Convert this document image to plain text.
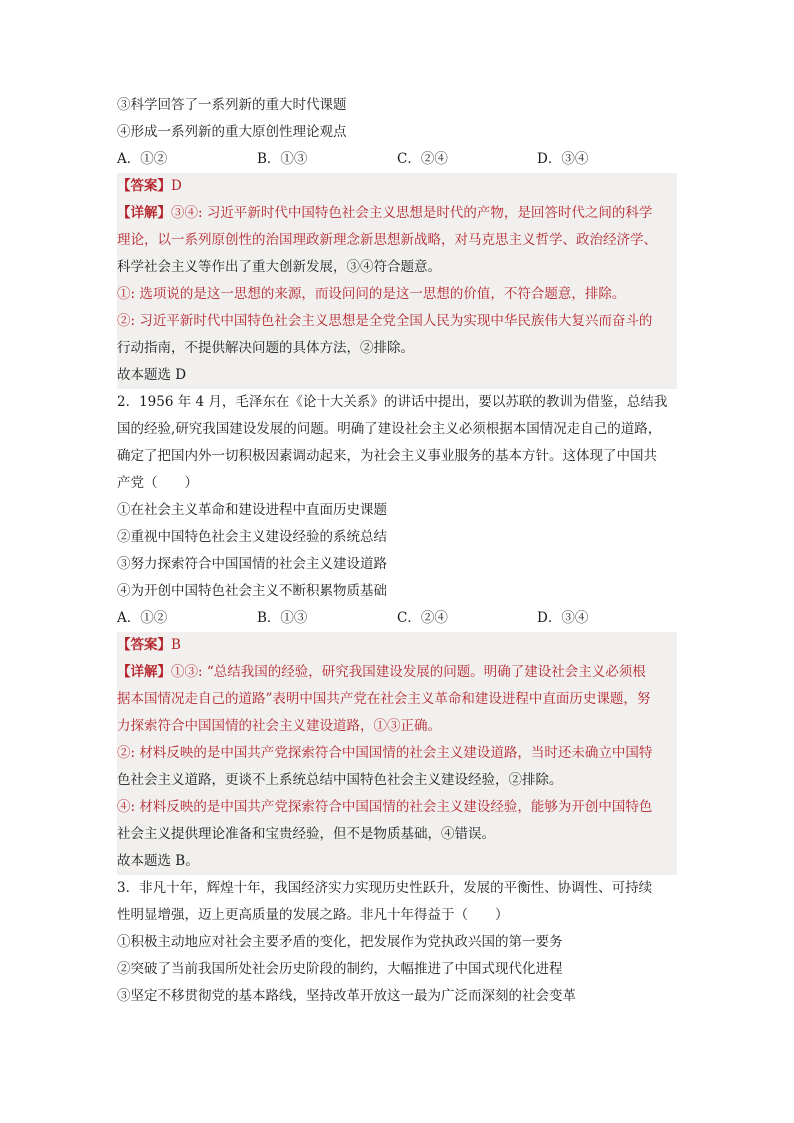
③科学回答了一系列新的重大时代课题
④形成一系列新的重大原创性理论观点
A．①②	B．①③	C．②④	D．③④
【答案】D
【详解】③④: 习近平新时代中国特色社会主义思想是时代的产物，是回答时代之间的科学
理论，以一系列原创性的治国理政新理念新思想新战略，对马克思主义哲学、政治经济学、
科学社会主义等作出了重大创新发展，③④符合题意。
①: 选项说的是这一思想的来源，而设问问的是这一思想的价值，不符合题意，排除。
②: 习近平新时代中国特色社会主义思想是全党全国人民为实现中华民族伟大复兴而奋斗的
行动指南，不提供解决问题的具体方法，②排除。
故本题选 D
2．1956 年 4 月，毛泽东在《论十大关系》的讲话中提出，要以苏联的教训为借鉴，总结我
国的经验,研究我国建设发展的问题。明确了建设社会主义必须根据本国情况走自己的道路，
确定了把国内外一切积极因素调动起来，为社会主义事业服务的基本方针。这体现了中国共
产党（　　）
①在社会主义革命和建设进程中直面历史课题
②重视中国特色社会主义建设经验的系统总结
③努力探索符合中国国情的社会主义建设道路
④为开创中国特色社会主义不断积累物质基础
A．①②	B．①③	C．②④	D．③④
【答案】B
【详解】①③: “总结我国的经验，研究我国建设发展的问题。明确了建设社会主义必须根
据本国情况走自己的道路”表明中国共产党在社会主义革命和建设进程中直面历史课题，努
力探索符合中国国情的社会主义建设道路，①③正确。
②: 材料反映的是中国共产党探索符合中国国情的社会主义建设道路，当时还未确立中国特
色社会主义道路，更谈不上系统总结中国特色社会主义建设经验，②排除。
④: 材料反映的是中国共产党探索符合中国国情的社会主义建设经验，能够为开创中国特色
社会主义提供理论准备和宝贵经验，但不是物质基础，④错误。
故本题选 B。
3．非凡十年，辉煌十年，我国经济实力实现历史性跃升，发展的平衡性、协调性、可持续
性明显增强，迈上更高质量的发展之路。非凡十年得益于（　　）
①积极主动地应对社会主要矛盾的变化，把发展作为党执政兴国的第一要务
②突破了当前我国所处社会历史阶段的制约，大幅推进了中国式现代化进程
③坚定不移贯彻党的基本路线，坚持改革开放这一最为广泛而深刻的社会变革
